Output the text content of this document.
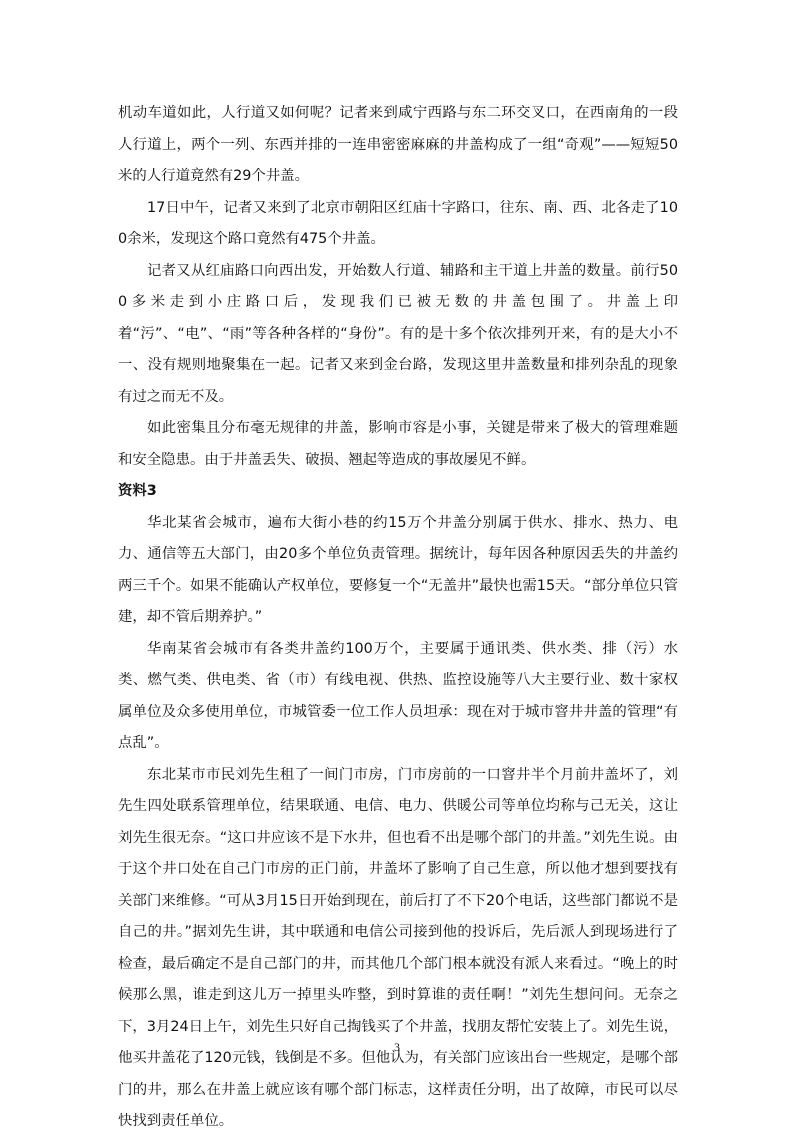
机动车道如此，人行道又如何呢？记者来到咸宁西路与东二环交叉口，在西南角的一段人行道上，两个一列、东西并排的一连串密密麻麻的井盖构成了一组“奇观”——短短50米的人行道竟然有29个井盖。

17日中午，记者又来到了北京市朝阳区红庙十字路口，往东、南、西、北各走了100余米，发现这个路口竟然有475个井盖。

记者又从红庙路口向西出发，开始数人行道、辅路和主干道上井盖的数量。前行500多米走到小庄路口后，发现我们已被无数的井盖包围了。井盖上印着“污”、“电”、“雨”等各种各样的“身份”。有的是十多个依次排列开来，有的是大小不一、没有规则地聚集在一起。记者又来到金台路，发现这里井盖数量和排列杂乱的现象有过之而无不及。

如此密集且分布毫无规律的井盖，影响市容是小事，关键是带来了极大的管理难题和安全隐患。由于井盖丢失、破损、翘起等造成的事故屡见不鲜。

资料3

华北某省会城市，遍布大街小巷的约15万个井盖分别属于供水、排水、热力、电力、通信等五大部门，由20多个单位负责管理。据统计，每年因各种原因丢失的井盖约两三千个。如果不能确认产权单位，要修复一个“无盖井”最快也需15天。“部分单位只管建，却不管后期养护。”

华南某省会城市有各类井盖约100万个，主要属于通讯类、供水类、排（污）水类、燃气类、供电类、省（市）有线电视、供热、监控设施等八大主要行业、数十家权属单位及众多使用单位，市城管委一位工作人员坦承：现在对于城市窨井井盖的管理“有点乱”。

东北某市市民刘先生租了一间门市房，门市房前的一口窨井半个月前井盖坏了，刘先生四处联系管理单位，结果联通、电信、电力、供暖公司等单位均称与己无关，这让刘先生很无奈。“这口井应该不是下水井，但也看不出是哪个部门的井盖。”刘先生说。由于这个井口处在自己门市房的正门前，井盖坏了影响了自己生意，所以他才想到要找有关部门来维修。“可从3月15日开始到现在，前后打了不下20个电话，这些部门都说不是自己的井。”据刘先生讲，其中联通和电信公司接到他的投诉后，先后派人到现场进行了检查，最后确定不是自己部门的井，而其他几个部门根本就没有派人来看过。“晚上的时候那么黑，谁走到这儿万一掉里头咋整，到时算谁的责任啊！”刘先生想问问。无奈之下，3月24日上午，刘先生只好自己掏钱买了个井盖，找朋友帮忙安装上了。刘先生说，他买井盖花了120元钱，钱倒是不多。但他认为，有关部门应该出台一些规定，是哪个部门的井，那么在井盖上就应该有哪个部门标志，这样责任分明，出了故障，市民可以尽快找到责任单位。

3
